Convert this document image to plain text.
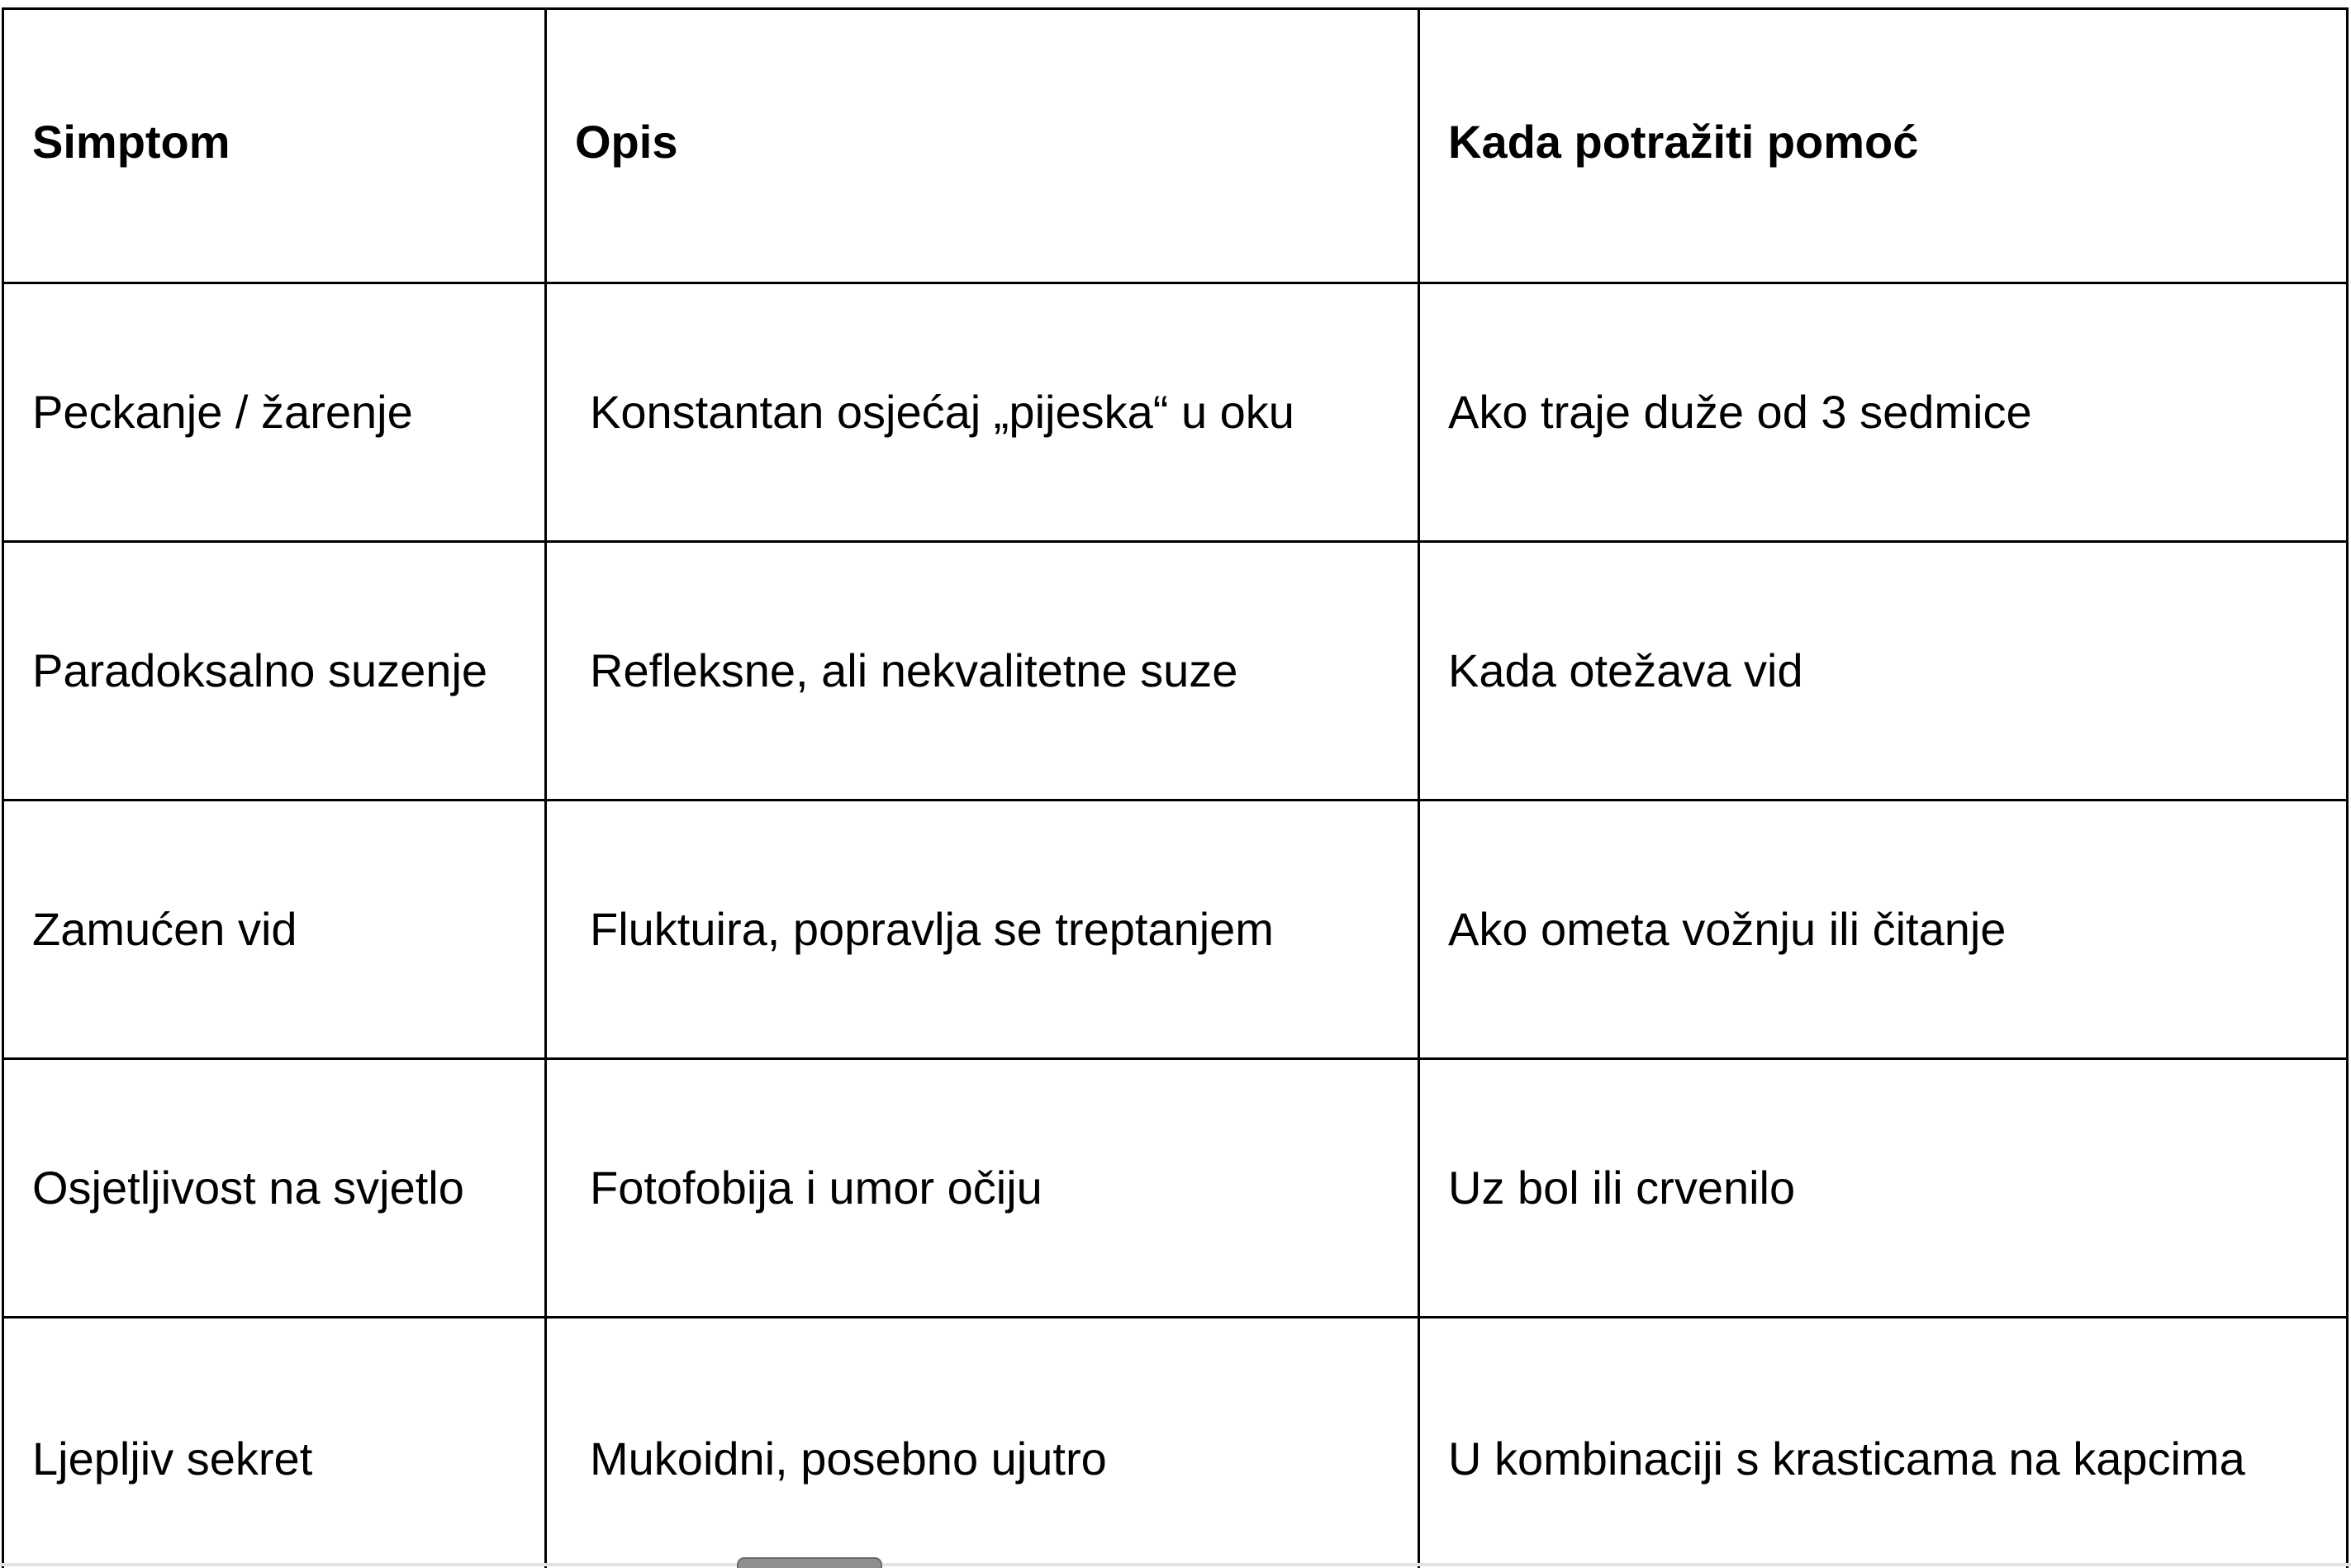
Simptom	Opis	Kada potražiti pomoć
Peckanje / žarenje	Konstantan osjećaj „pijeska“ u oku	Ako traje duže od 3 sedmice
Paradoksalno suzenje	Refleksne, ali nekvalitetne suze	Kada otežava vid
Zamućen vid	Fluktuira, popravlja se treptanjem	Ako ometa vožnju ili čitanje
Osjetljivost na svjetlo	Fotofobija i umor očiju	Uz bol ili crvenilo
Ljepljiv sekret	Mukoidni, posebno ujutro	U kombinaciji s krasticama na kapcima
